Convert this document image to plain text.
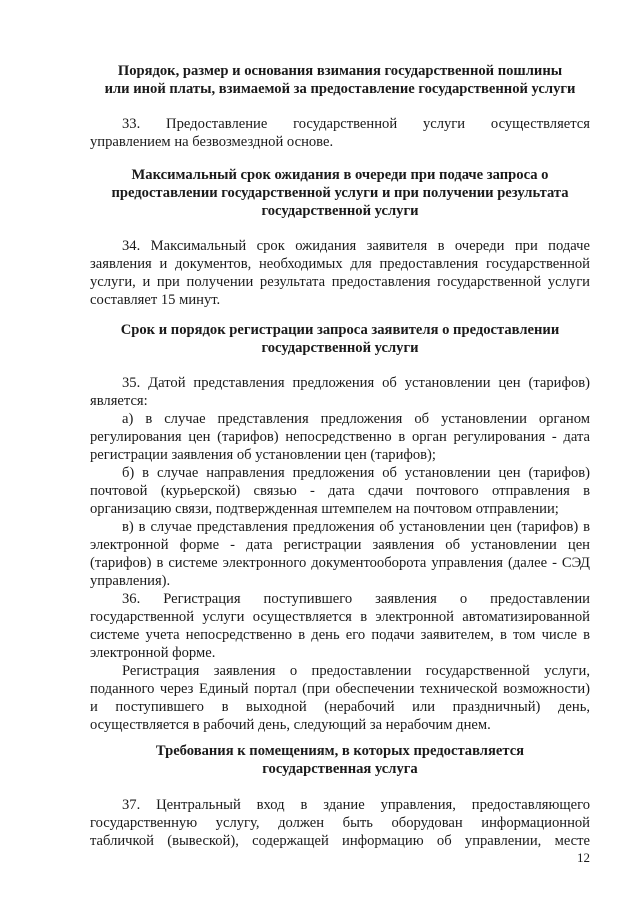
Порядок, размер и основания взимания государственной пошлины
или иной платы, взимаемой за предоставление государственной услуги
33. Предоставление государственной услуги осуществляется
управлением на безвозмездной основе.
Максимальный срок ожидания в очереди при подаче запроса о
предоставлении государственной услуги и при получении результата
государственной услуги
34. Максимальный срок ожидания заявителя в очереди при подаче
заявления и документов, необходимых для предоставления государственной
услуги, и при получении результата предоставления государственной услуги
составляет 15 минут.
Срок и порядок регистрации запроса заявителя о предоставлении
государственной услуги
35. Датой представления предложения об установлении цен (тарифов)
является:
а) в случае представления предложения об установлении органом
регулирования цен (тарифов) непосредственно в орган регулирования - дата
регистрации заявления об установлении цен (тарифов);
б) в случае направления предложения об установлении цен (тарифов)
почтовой (курьерской) связью - дата сдачи почтового отправления в
организацию связи, подтвержденная штемпелем на почтовом отправлении;
в) в случае представления предложения об установлении цен (тарифов) в
электронной форме - дата регистрации заявления об установлении цен
(тарифов) в системе электронного документооборота управления (далее - СЭД
управления).
36. Регистрация поступившего заявления о предоставлении
государственной услуги осуществляется в электронной автоматизированной
системе учета непосредственно в день его подачи заявителем, в том числе в
электронной форме.
Регистрация заявления о предоставлении государственной услуги,
поданного через Единый портал (при обеспечении технической возможности)
и поступившего в выходной (нерабочий или праздничный) день,
осуществляется в рабочий день, следующий за нерабочим днем.
Требования к помещениям, в которых предоставляется
государственная услуга
37. Центральный вход в здание управления, предоставляющего
государственную услугу, должен быть оборудован информационной
табличкой (вывеской), содержащей информацию об управлении, месте
12
